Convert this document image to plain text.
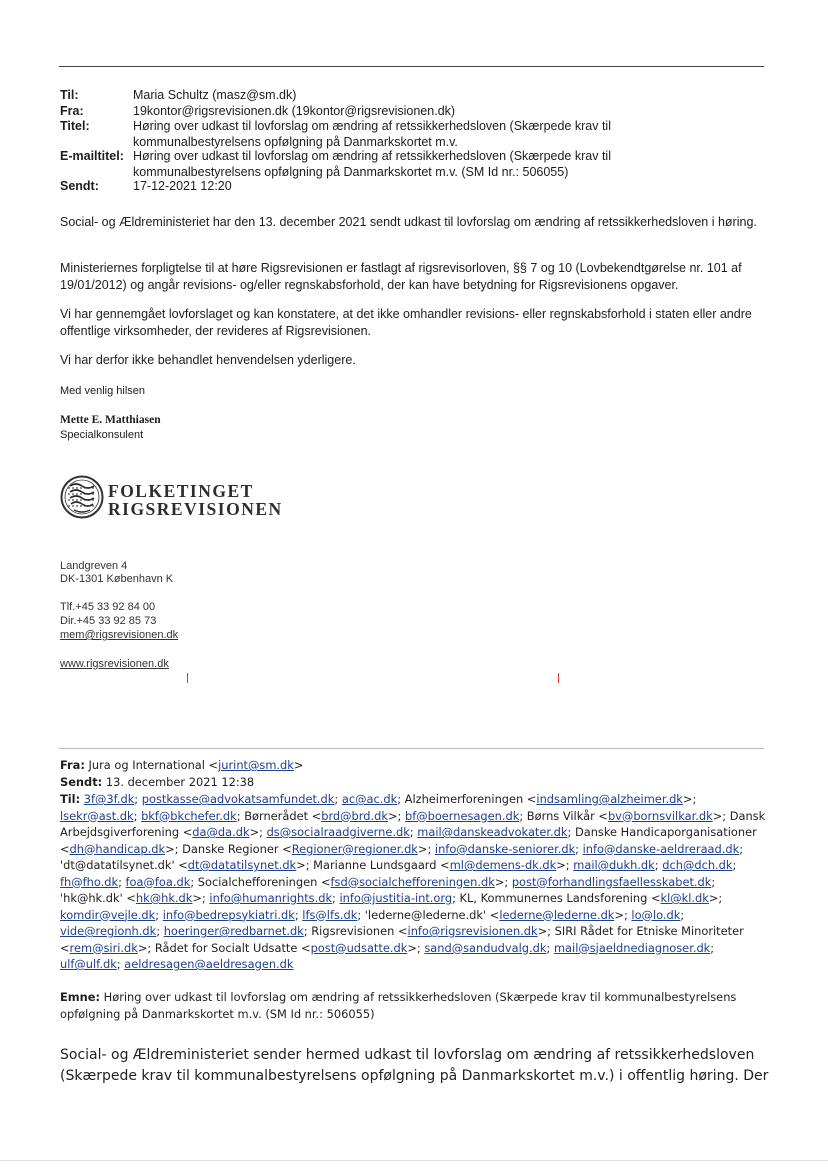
Til:	Maria Schultz (masz@sm.dk)
Fra:	19kontor@rigsrevisionen.dk (19kontor@rigsrevisionen.dk)
Titel:	Høring over udkast til lovforslag om ændring af retssikkerhedsloven (Skærpede krav til kommunalbestyrelsens opfølgning på Danmarkskortet m.v.
E-mailtitel: Høring over udkast til lovforslag om ændring af retssikkerhedsloven (Skærpede krav til kommunalbestyrelsens opfølgning på Danmarkskortet m.v. (SM Id nr.: 506055)
Sendt:	17-12-2021 12:20
Social- og Ældreministeriet har den 13. december 2021 sendt udkast til lovforslag om ændring af retssikkerhedsloven i høring.
Ministeriernes forpligtelse til at høre Rigsrevisionen er fastlagt af rigsrevisorloven, §§ 7 og 10 (Lovbekendtgørelse nr. 101 af 19/01/2012) og angår revisions- og/eller regnskabsforhold, der kan have betydning for Rigsrevisionens opgaver.
Vi har gennemgået lovforslaget og kan konstatere, at det ikke omhandler revisions- eller regnskabsforhold i staten eller andre offentlige virksomheder, der revideres af Rigsrevisionen.
Vi har derfor ikke behandlet henvendelsen yderligere.
Med venlig hilsen
Mette E. Matthiasen
Specialkonsulent
FOLKETINGET
RIGSREVISIONEN
Landgreven 4
DK-1301 København K
Tlf.+45 33 92 84 00
Dir.+45 33 92 85 73
mem@rigsrevisionen.dk
www.rigsrevisionen.dk
Fra: Jura og International <jurint@sm.dk>
Sendt: 13. december 2021 12:38
Til: 3f@3f.dk; postkasse@advokatsamfundet.dk; ac@ac.dk; Alzheimerforeningen <indsamling@alzheimer.dk>; lsekr@ast.dk; bkf@bkchefer.dk; Børnerådet <brd@brd.dk>; bf@boernesagen.dk; Børns Vilkår <bv@bornsvilkar.dk>; Dansk Arbejdsgiverforening <da@da.dk>; ds@socialraadgiverne.dk; mail@danskeadvokater.dk; Danske Handicaporganisationer <dh@handicap.dk>; Danske Regioner <Regioner@regioner.dk>; info@danske-seniorer.dk; info@danske-aeldreraad.dk; 'dt@datatilsynet.dk' <dt@datatilsynet.dk>; Marianne Lundsgaard <ml@demens-dk.dk>; mail@dukh.dk; dch@dch.dk; fh@fho.dk; foa@foa.dk; Socialchefforeningen <fsd@socialchefforeningen.dk>; post@forhandlingsfaellesskabet.dk; 'hk@hk.dk' <hk@hk.dk>; info@humanrights.dk; info@justitia-int.org; KL, Kommunernes Landsforening <kl@kl.dk>; komdir@vejle.dk; info@bedrepsykiatri.dk; lfs@lfs.dk; 'lederne@lederne.dk' <lederne@lederne.dk>; lo@lo.dk; vide@regionh.dk; hoeringer@redbarnet.dk; Rigsrevisionen <info@rigsrevisionen.dk>; SIRI Rådet for Etniske Minoriteter <rem@siri.dk>; Rådet for Socialt Udsatte <post@udsatte.dk>; sand@sandudvalg.dk; mail@sjaeldnediagnoser.dk; ulf@ulf.dk; aeldresagen@aeldresagen.dk
Emne: Høring over udkast til lovforslag om ændring af retssikkerhedsloven (Skærpede krav til kommunalbestyrelsens opfølgning på Danmarkskortet m.v. (SM Id nr.: 506055)
Social- og Ældreministeriet sender hermed udkast til lovforslag om ændring af retssikkerhedsloven (Skærpede krav til kommunalbestyrelsens opfølgning på Danmarkskortet m.v.) i offentlig høring. Der
